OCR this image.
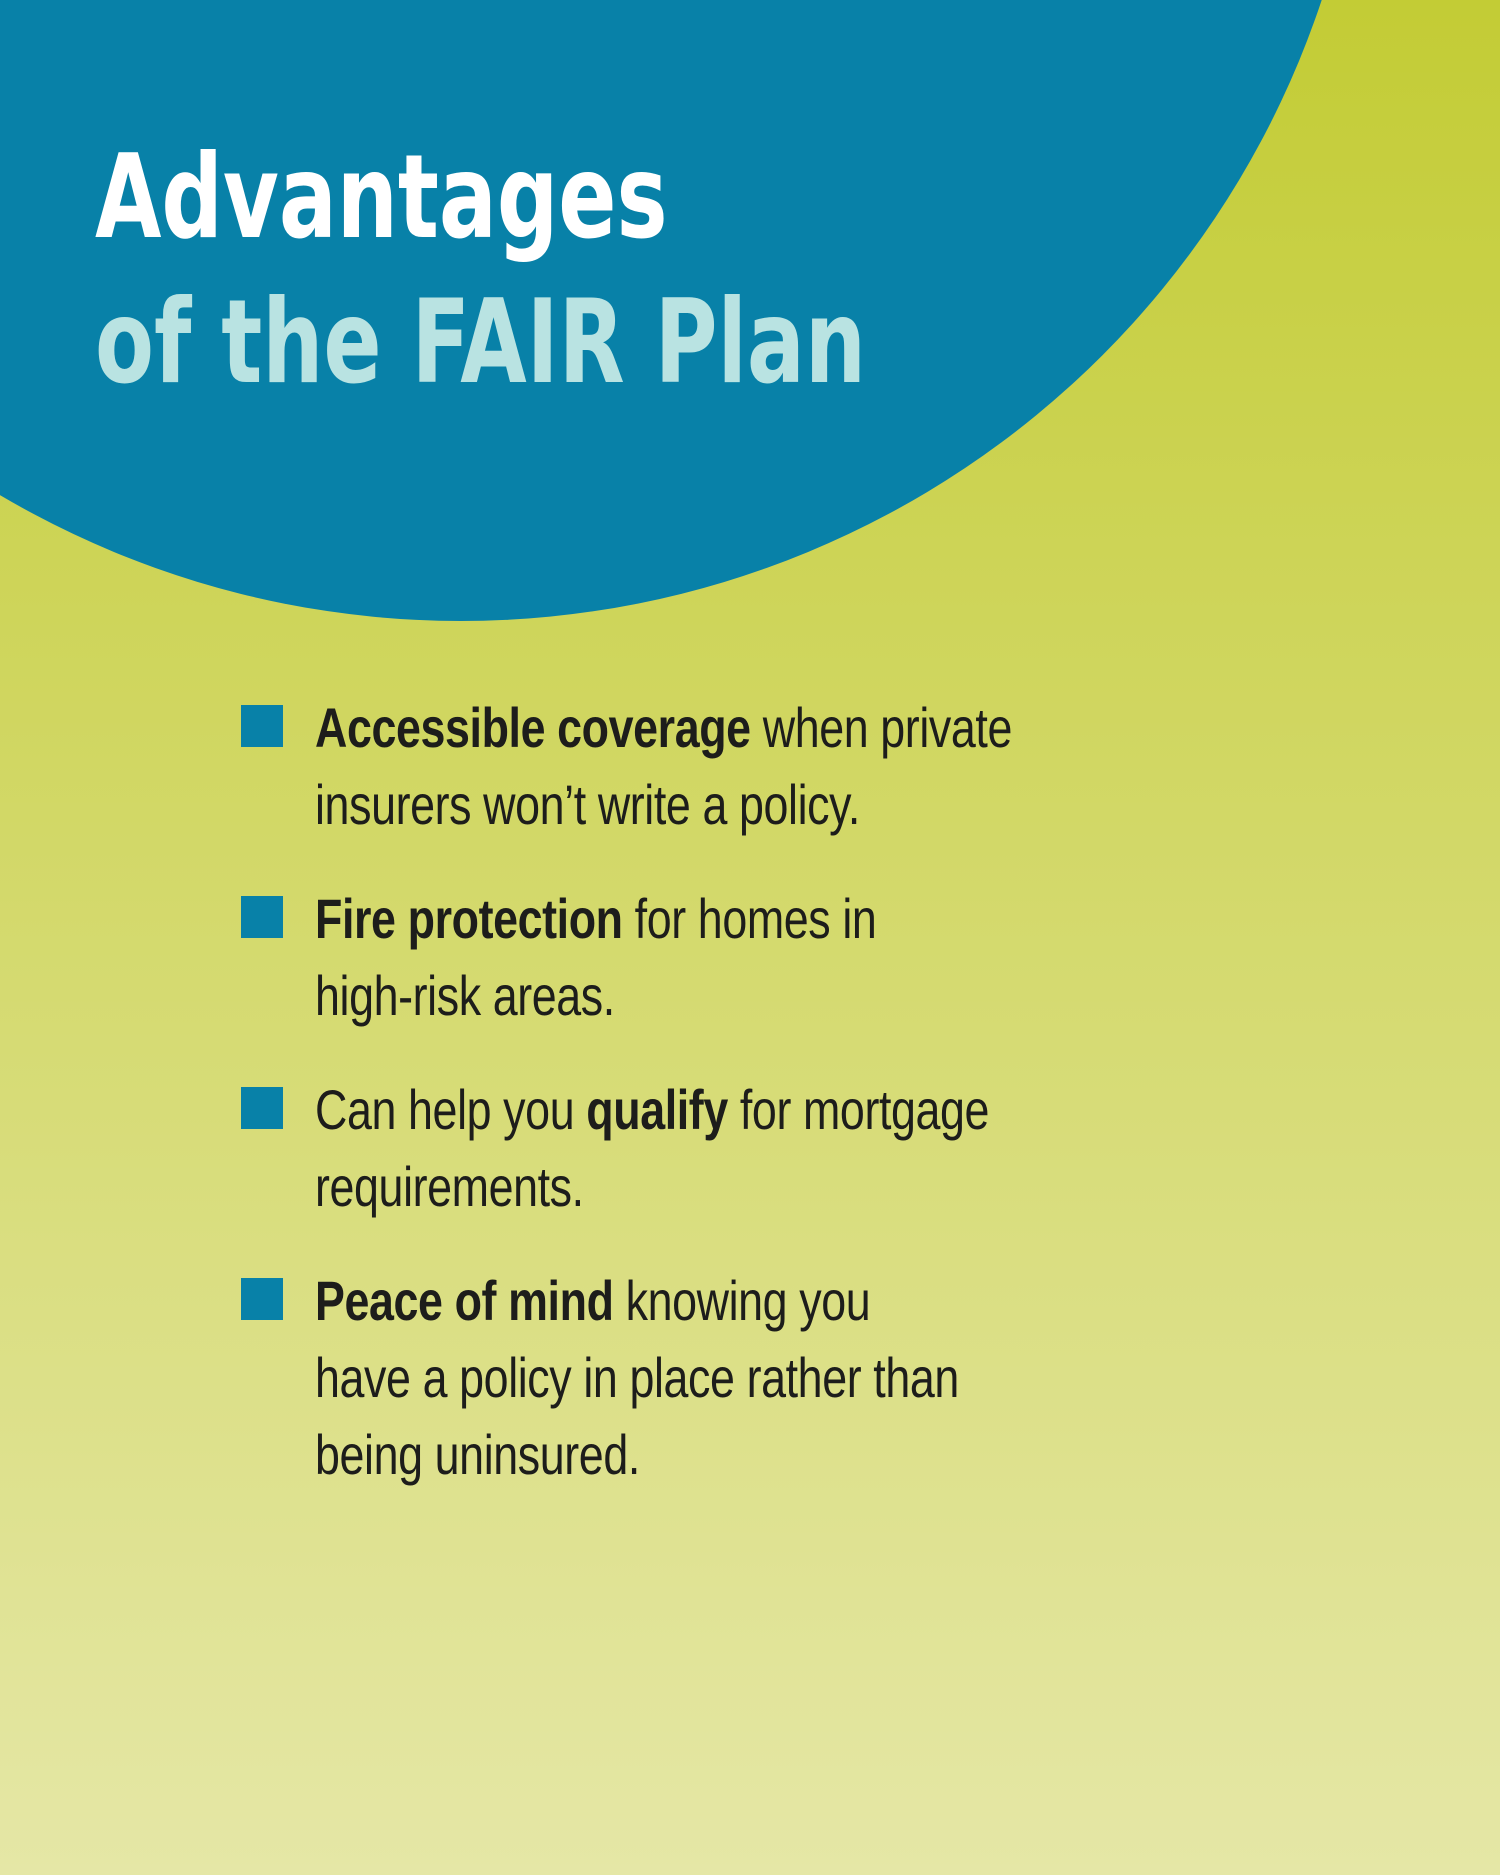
Advantages
of the FAIR Plan
Accessible coverage when private
insurers won’t write a policy.
Fire protection for homes in
high-risk areas.
Can help you qualify for mortgage
requirements.
Peace of mind knowing you
have a policy in place rather than
being uninsured.
